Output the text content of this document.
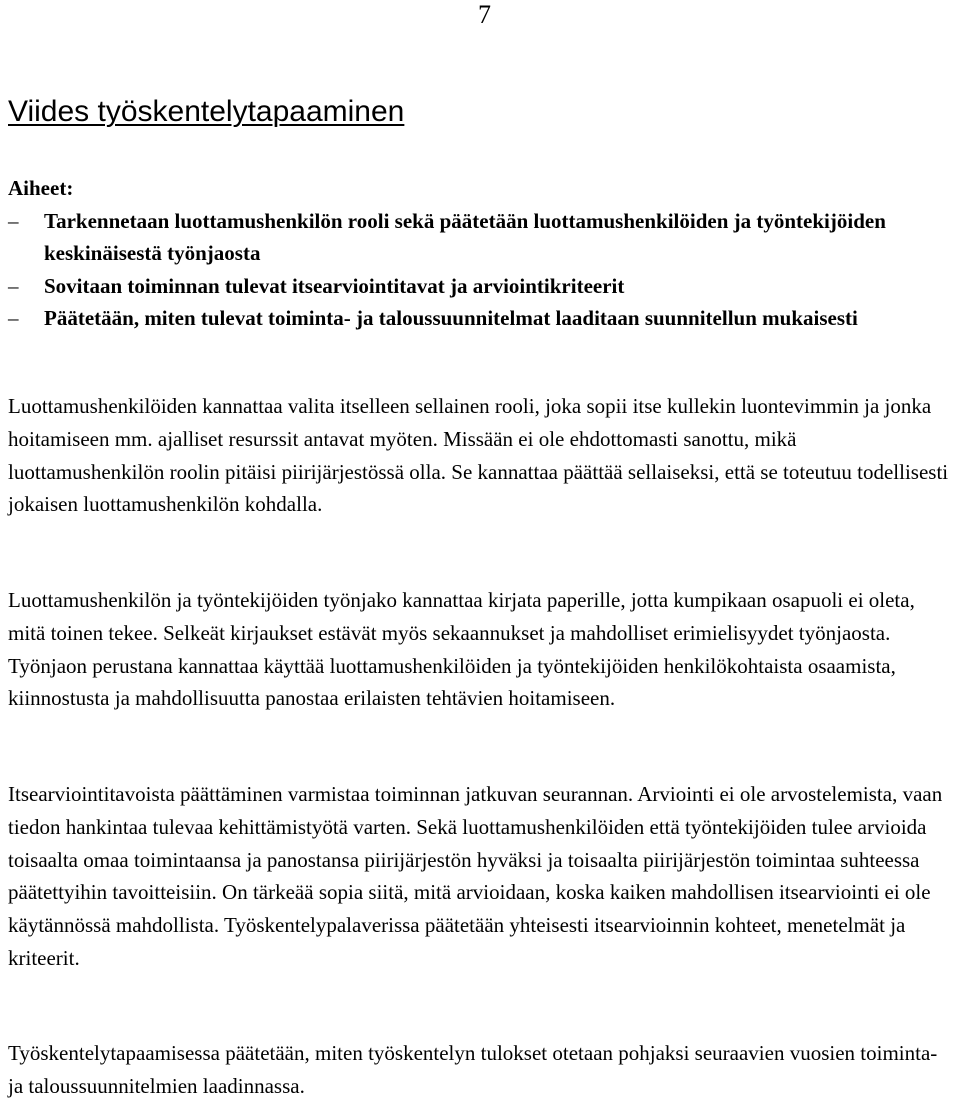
7
Viides työskentelytapaaminen
Aiheet:
– Tarkennetaan luottamushenkilön rooli sekä päätetään luottamushenkilöiden ja työntekijöiden keskinäisestä työnjaosta
– Sovitaan toiminnan tulevat itsearviointitavat ja arviointikriteerit
– Päätetään, miten tulevat toiminta- ja taloussuunnitelmat laaditaan suunnitellun mukaisesti

Luottamushenkilöiden kannattaa valita itselleen sellainen rooli, joka sopii itse kullekin luontevimmin ja jonka hoitamiseen mm. ajalliset resurssit antavat myöten. Missään ei ole ehdottomasti sanottu, mikä luottamushenkilön roolin pitäisi piirijärjestössä olla. Se kannattaa päättää sellaiseksi, että se toteutuu todellisesti jokaisen luottamushenkilön kohdalla.

Luottamushenkilön ja työntekijöiden työnjako kannattaa kirjata paperille, jotta kumpikaan osapuoli ei oleta, mitä toinen tekee. Selkeät kirjaukset estävät myös sekaannukset ja mahdolliset erimielisyydet työnjaosta. Työnjaon perustana kannattaa käyttää luottamushenkilöiden ja työntekijöiden henkilökohtaista osaamista, kiinnostusta ja mahdollisuutta panostaa erilaisten tehtävien hoitamiseen.

Itsearviointitavoista päättäminen varmistaa toiminnan jatkuvan seurannan. Arviointi ei ole arvostelemista, vaan tiedon hankintaa tulevaa kehittämistyötä varten. Sekä luottamushenkilöiden että työntekijöiden tulee arvioida toisaalta omaa toimintaansa ja panostansa piirijärjestön hyväksi ja toisaalta piirijärjestön toimintaa suhteessa päätettyihin tavoitteisiin. On tärkeää sopia siitä, mitä arvioidaan, koska kaiken mahdollisen itsearviointi ei ole käytännössä mahdollista. Työskentelypalaverissa päätetään yhteisesti itsearvioinnin kohteet, menetelmät ja kriteerit.

Työskentelytapaamisessa päätetään, miten työskentelyn tulokset otetaan pohjaksi seuraavien vuosien toiminta- ja taloussuunnitelmien laadinnassa.
